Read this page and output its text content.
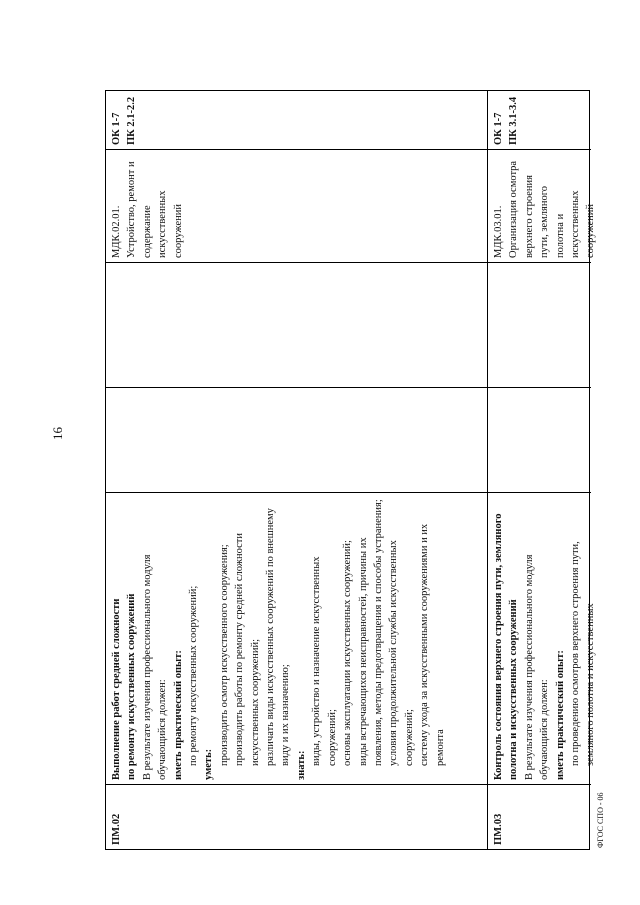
16
ПМ.02
Выполнение работ средней сложности по ремонту искусственных сооружений В результате изучения профессионального модуля обучающийся должен: иметь практический опыт: по ремонту искусственных сооружений; уметь: производить осмотр искусственного сооружения; производить работы по ремонту средней сложности искусственных сооружений; различать виды искусственных сооружений по внешнему виду и их назначению; знать: виды, устройство и назначение искусственных сооружений; основы эксплуатации искусственных сооружений; виды встречающихся неисправностей, причины их появления, методы предотвращения и способы устранения; условия продолжительной службы искусственных сооружений; систему ухода за искусственными сооружениями и их ремонта
МДК.02.01. Устройство, ремонт и содержание искусственных сооружений
ОК 1-7 ПК 2.1-2.2
ПМ.03
Контроль состояния верхнего строения пути, земляного полотна и искусственных сооружений В результате изучения профессионального модуля обучающийся должен: иметь практический опыт: по проведению осмотров верхнего строения пути, земляного полотна и искусственных
МДК.03.01. Организация осмотра верхнего строения пути, земляного полотна и искусственных сооружений
ОК 1-7 ПК 3.1-3.4
ФГОС СПО - 06
